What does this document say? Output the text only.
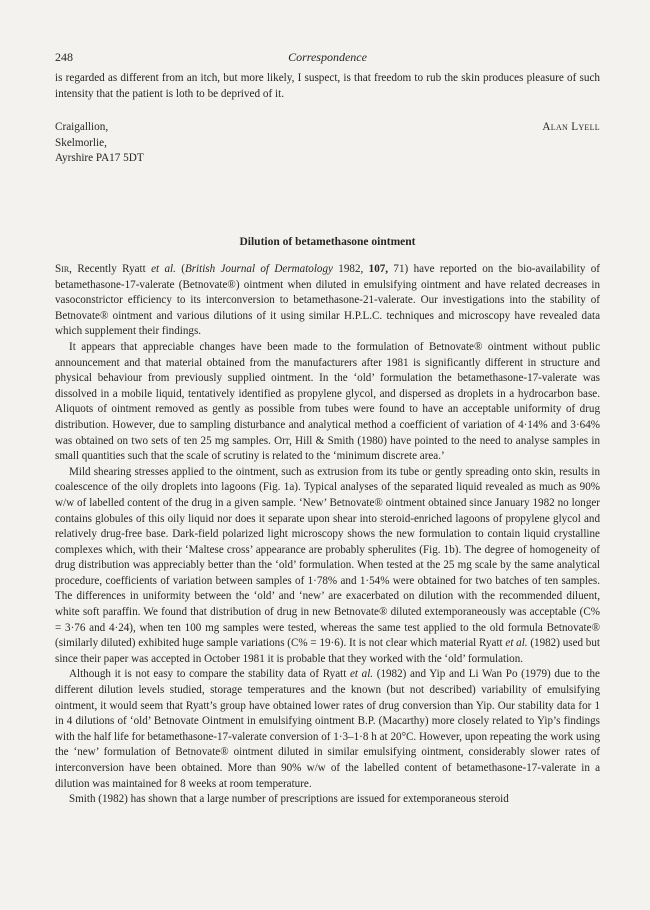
248	Correspondence

is regarded as different from an itch, but more likely, I suspect, is that freedom to rub the skin produces pleasure of such intensity that the patient is loth to be deprived of it.

Craigallion,
Skelmorlie,
Ayrshire PA17 5DT
Alan Lyell
Dilution of betamethasone ointment

Sir, Recently Ryatt et al. (British Journal of Dermatology 1982, 107, 71) have reported on the bio-availability of betamethasone-17-valerate (Betnovate®) ointment when diluted in emulsifying ointment and have related decreases in vasoconstrictor efficiency to its interconversion to betamethasone-21-valerate. Our investigations into the stability of Betnovate® ointment and various dilutions of it using similar H.P.L.C. techniques and microscopy have revealed data which supplement their findings.

It appears that appreciable changes have been made to the formulation of Betnovate® ointment without public announcement and that material obtained from the manufacturers after 1981 is significantly different in structure and physical behaviour from previously supplied ointment. In the ‘old’ formulation the betamethasone-17-valerate was dissolved in a mobile liquid, tentatively identified as propylene glycol, and dispersed as droplets in a hydrocarbon base. Aliquots of ointment removed as gently as possible from tubes were found to have an acceptable uniformity of drug distribution. However, due to sampling disturbance and analytical method a coefficient of variation of 4·14% and 3·64% was obtained on two sets of ten 25 mg samples. Orr, Hill & Smith (1980) have pointed to the need to analyse samples in small quantities such that the scale of scrutiny is related to the ‘minimum discrete area.’

Mild shearing stresses applied to the ointment, such as extrusion from its tube or gently spreading onto skin, results in coalescence of the oily droplets into lagoons (Fig. 1a). Typical analyses of the separated liquid revealed as much as 90% w/w of labelled content of the drug in a given sample. ‘New’ Betnovate® ointment obtained since January 1982 no longer contains globules of this oily liquid nor does it separate upon shear into steroid-enriched lagoons of propylene glycol and relatively drug-free base. Dark-field polarized light microscopy shows the new formulation to contain liquid crystalline complexes which, with their ‘Maltese cross’ appearance are probably spherulites (Fig. 1b). The degree of homogeneity of drug distribution was appreciably better than the ‘old’ formulation. When tested at the 25 mg scale by the same analytical procedure, coefficients of variation between samples of 1·78% and 1·54% were obtained for two batches of ten samples. The differences in uniformity between the ‘old’ and ‘new’ are exacerbated on dilution with the recommended diluent, white soft paraffin. We found that distribution of drug in new Betnovate® diluted extemporaneously was acceptable (C% = 3·76 and 4·24), when ten 100 mg samples were tested, whereas the same test applied to the old formula Betnovate® (similarly diluted) exhibited huge sample variations (C% = 19·6). It is not clear which material Ryatt et al. (1982) used but since their paper was accepted in October 1981 it is probable that they worked with the ‘old’ formulation.

Although it is not easy to compare the stability data of Ryatt et al. (1982) and Yip and Li Wan Po (1979) due to the different dilution levels studied, storage temperatures and the known (but not described) variability of emulsifying ointment, it would seem that Ryatt’s group have obtained lower rates of drug conversion than Yip. Our stability data for 1 in 4 dilutions of ‘old’ Betnovate Ointment in emulsifying ointment B.P. (Macarthy) more closely related to Yip’s findings with the half life for betamethasone-17-valerate conversion of 1·3–1·8 h at 20°C. However, upon repeating the work using the ‘new’ formulation of Betnovate® ointment diluted in similar emulsifying ointment, considerably slower rates of interconversion have been obtained. More than 90% w/w of the labelled content of betamethasone-17-valerate in a dilution was maintained for 8 weeks at room temperature.

Smith (1982) has shown that a large number of prescriptions are issued for extemporaneous steroid
